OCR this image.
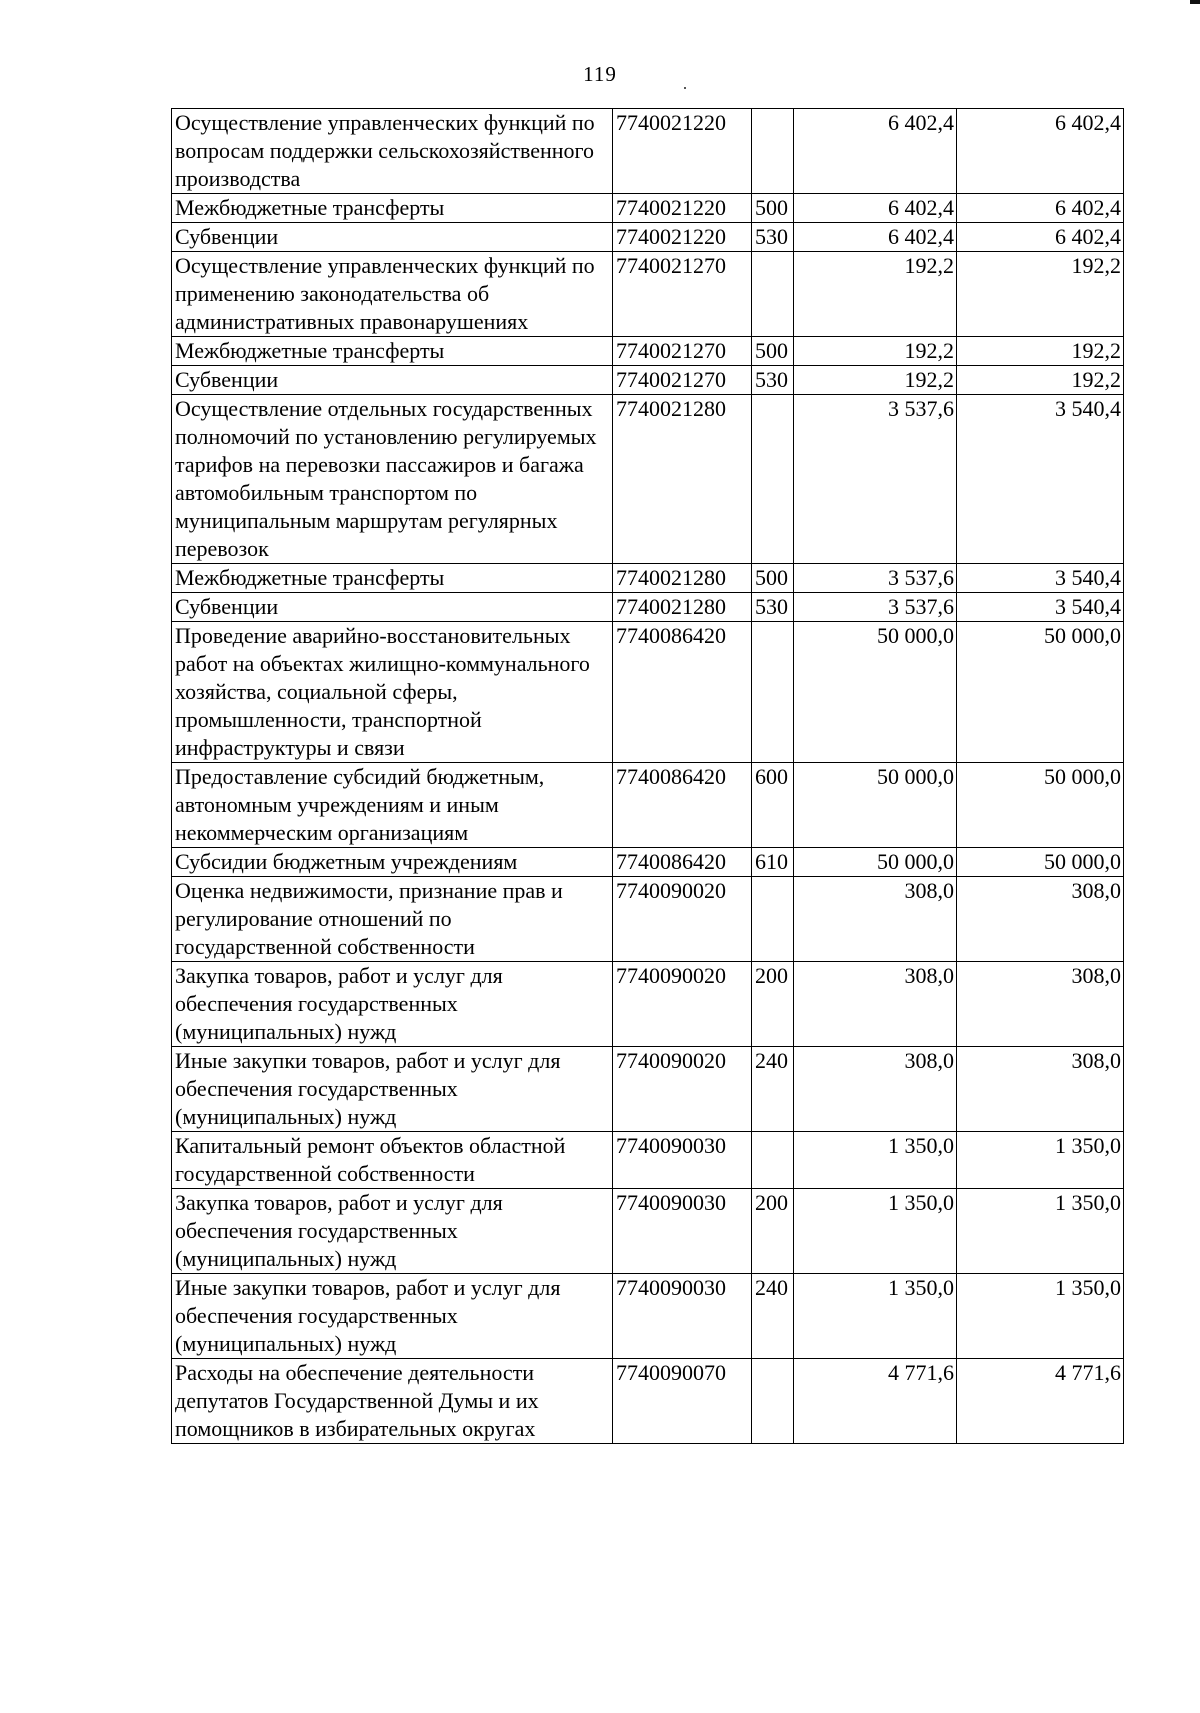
119
Осуществление управленческих функций по вопросам поддержки сельскохозяйственного производства	7740021220		6 402,4	6 402,4
Межбюджетные трансферты	7740021220	500	6 402,4	6 402,4
Субвенции	7740021220	530	6 402,4	6 402,4
Осуществление управленческих функций по применению законодательства об административных правонарушениях	7740021270		192,2	192,2
Межбюджетные трансферты	7740021270	500	192,2	192,2
Субвенции	7740021270	530	192,2	192,2
Осуществление отдельных государственных полномочий по установлению регулируемых тарифов на перевозки пассажиров и багажа автомобильным транспортом по муниципальным маршрутам регулярных перевозок	7740021280		3 537,6	3 540,4
Межбюджетные трансферты	7740021280	500	3 537,6	3 540,4
Субвенции	7740021280	530	3 537,6	3 540,4
Проведение аварийно-восстановительных работ на объектах жилищно-коммунального хозяйства, социальной сферы, промышленности, транспортной инфраструктуры и связи	7740086420		50 000,0	50 000,0
Предоставление субсидий бюджетным, автономным учреждениям и иным некоммерческим организациям	7740086420	600	50 000,0	50 000,0
Субсидии бюджетным учреждениям	7740086420	610	50 000,0	50 000,0
Оценка недвижимости, признание прав и регулирование отношений по государственной собственности	7740090020		308,0	308,0
Закупка товаров, работ и услуг для обеспечения государственных (муниципальных) нужд	7740090020	200	308,0	308,0
Иные закупки товаров, работ и услуг для обеспечения государственных (муниципальных) нужд	7740090020	240	308,0	308,0
Капитальный ремонт объектов областной государственной собственности	7740090030		1 350,0	1 350,0
Закупка товаров, работ и услуг для обеспечения государственных (муниципальных) нужд	7740090030	200	1 350,0	1 350,0
Иные закупки товаров, работ и услуг для обеспечения государственных (муниципальных) нужд	7740090030	240	1 350,0	1 350,0
Расходы на обеспечение деятельности депутатов Государственной Думы и их помощников в избирательных округах	7740090070		4 771,6	4 771,6
